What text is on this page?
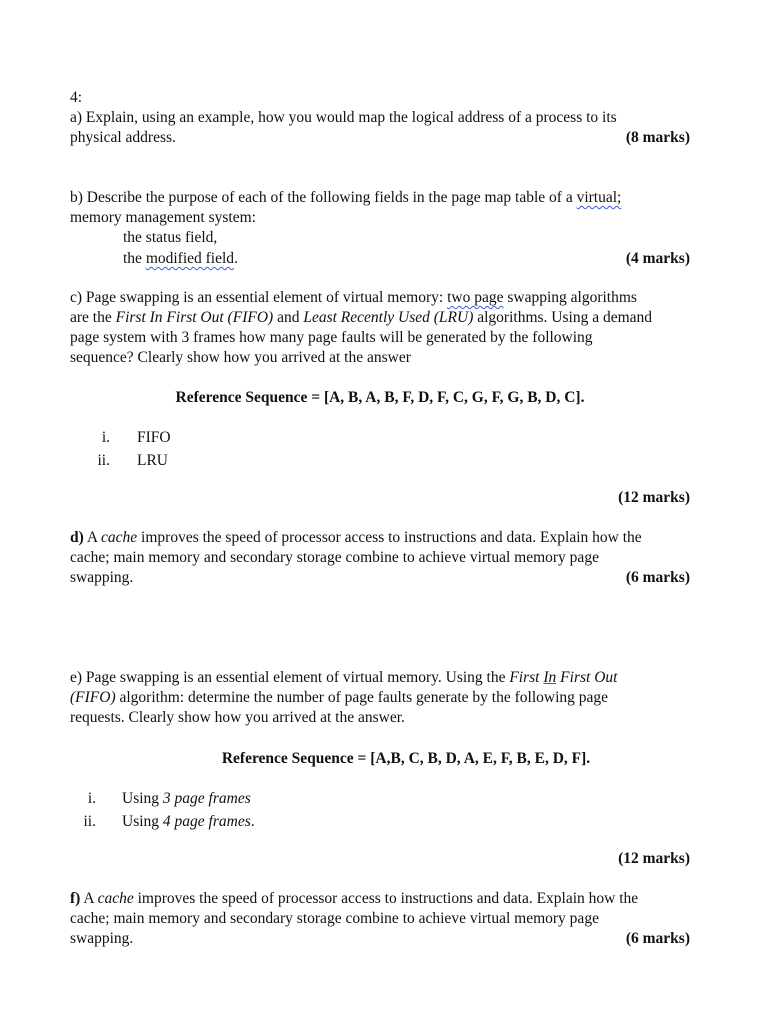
4:
a) Explain, using an example, how you would map the logical address of a process to its
physical address.	(8 marks)
b) Describe the purpose of each of the following fields in the page map table of a virtual;
memory management system:
the status field,
the modified field.	(4 marks)
c) Page swapping is an essential element of virtual memory: two page swapping algorithms
are the First In First Out (FIFO) and Least Recently Used (LRU) algorithms. Using a demand
page system with 3 frames how many page faults will be generated by the following
sequence? Clearly show how you arrived at the answer
Reference Sequence = [A, B, A, B, F, D, F, C, G, F, G, B, D, C].
i. FIFO
ii. LRU
(12 marks)
d) A cache improves the speed of processor access to instructions and data. Explain how the
cache; main memory and secondary storage combine to achieve virtual memory page
swapping.	(6 marks)
e) Page swapping is an essential element of virtual memory. Using the First In First Out
(FIFO) algorithm: determine the number of page faults generate by the following page
requests. Clearly show how you arrived at the answer.
Reference Sequence = [A,B, C, B, D, A, E, F, B, E, D, F].
i. Using 3 page frames
ii. Using 4 page frames.
(12 marks)
f) A cache improves the speed of processor access to instructions and data. Explain how the
cache; main memory and secondary storage combine to achieve virtual memory page
swapping.	(6 marks)
